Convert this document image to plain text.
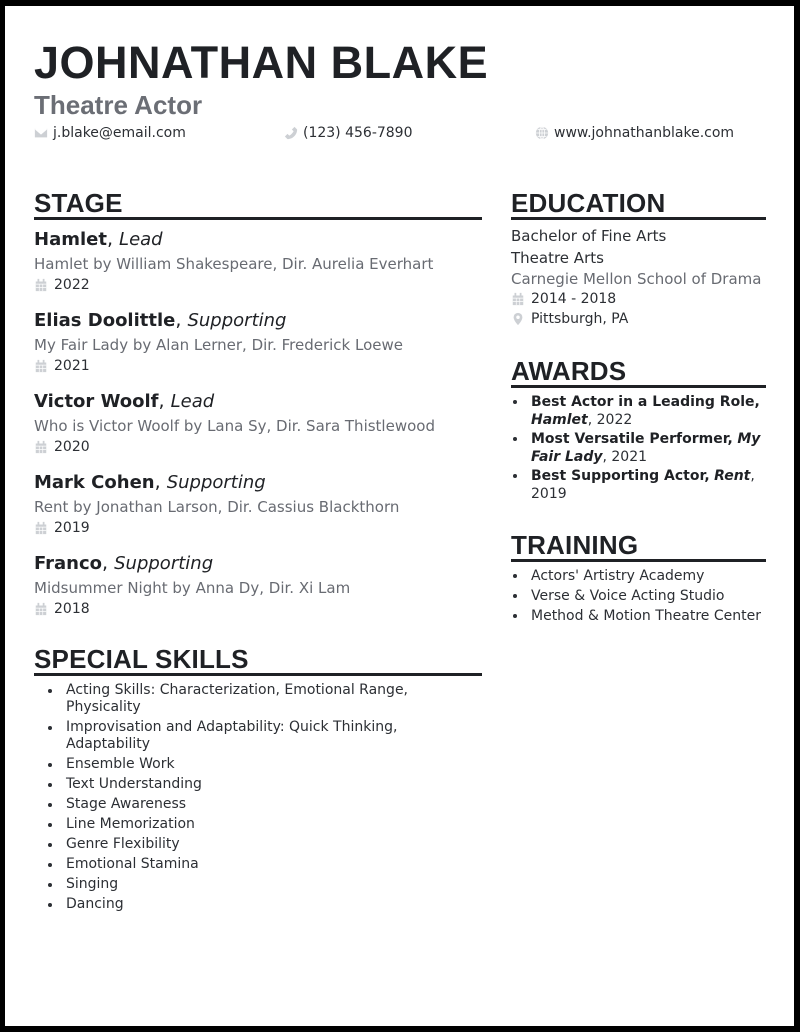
JOHNATHAN BLAKE
Theatre Actor
j.blake@email.com	(123) 456-7890	www.johnathanblake.com
STAGE
Hamlet, Lead
Hamlet by William Shakespeare, Dir. Aurelia Everhart
2022
Elias Doolittle, Supporting
My Fair Lady by Alan Lerner, Dir. Frederick Loewe
2021
Victor Woolf, Lead
Who is Victor Woolf by Lana Sy, Dir. Sara Thistlewood
2020
Mark Cohen, Supporting
Rent by Jonathan Larson, Dir. Cassius Blackthorn
2019
Franco, Supporting
Midsummer Night by Anna Dy, Dir. Xi Lam
2018
SPECIAL SKILLS
Acting Skills: Characterization, Emotional Range, Physicality
Improvisation and Adaptability: Quick Thinking, Adaptability
Ensemble Work
Text Understanding
Stage Awareness
Line Memorization
Genre Flexibility
Emotional Stamina
Singing
Dancing
EDUCATION
Bachelor of Fine Arts
Theatre Arts
Carnegie Mellon School of Drama
2014 - 2018
Pittsburgh, PA
AWARDS
Best Actor in a Leading Role, Hamlet, 2022
Most Versatile Performer, My Fair Lady, 2021
Best Supporting Actor, Rent, 2019
TRAINING
Actors' Artistry Academy
Verse & Voice Acting Studio
Method & Motion Theatre Center
